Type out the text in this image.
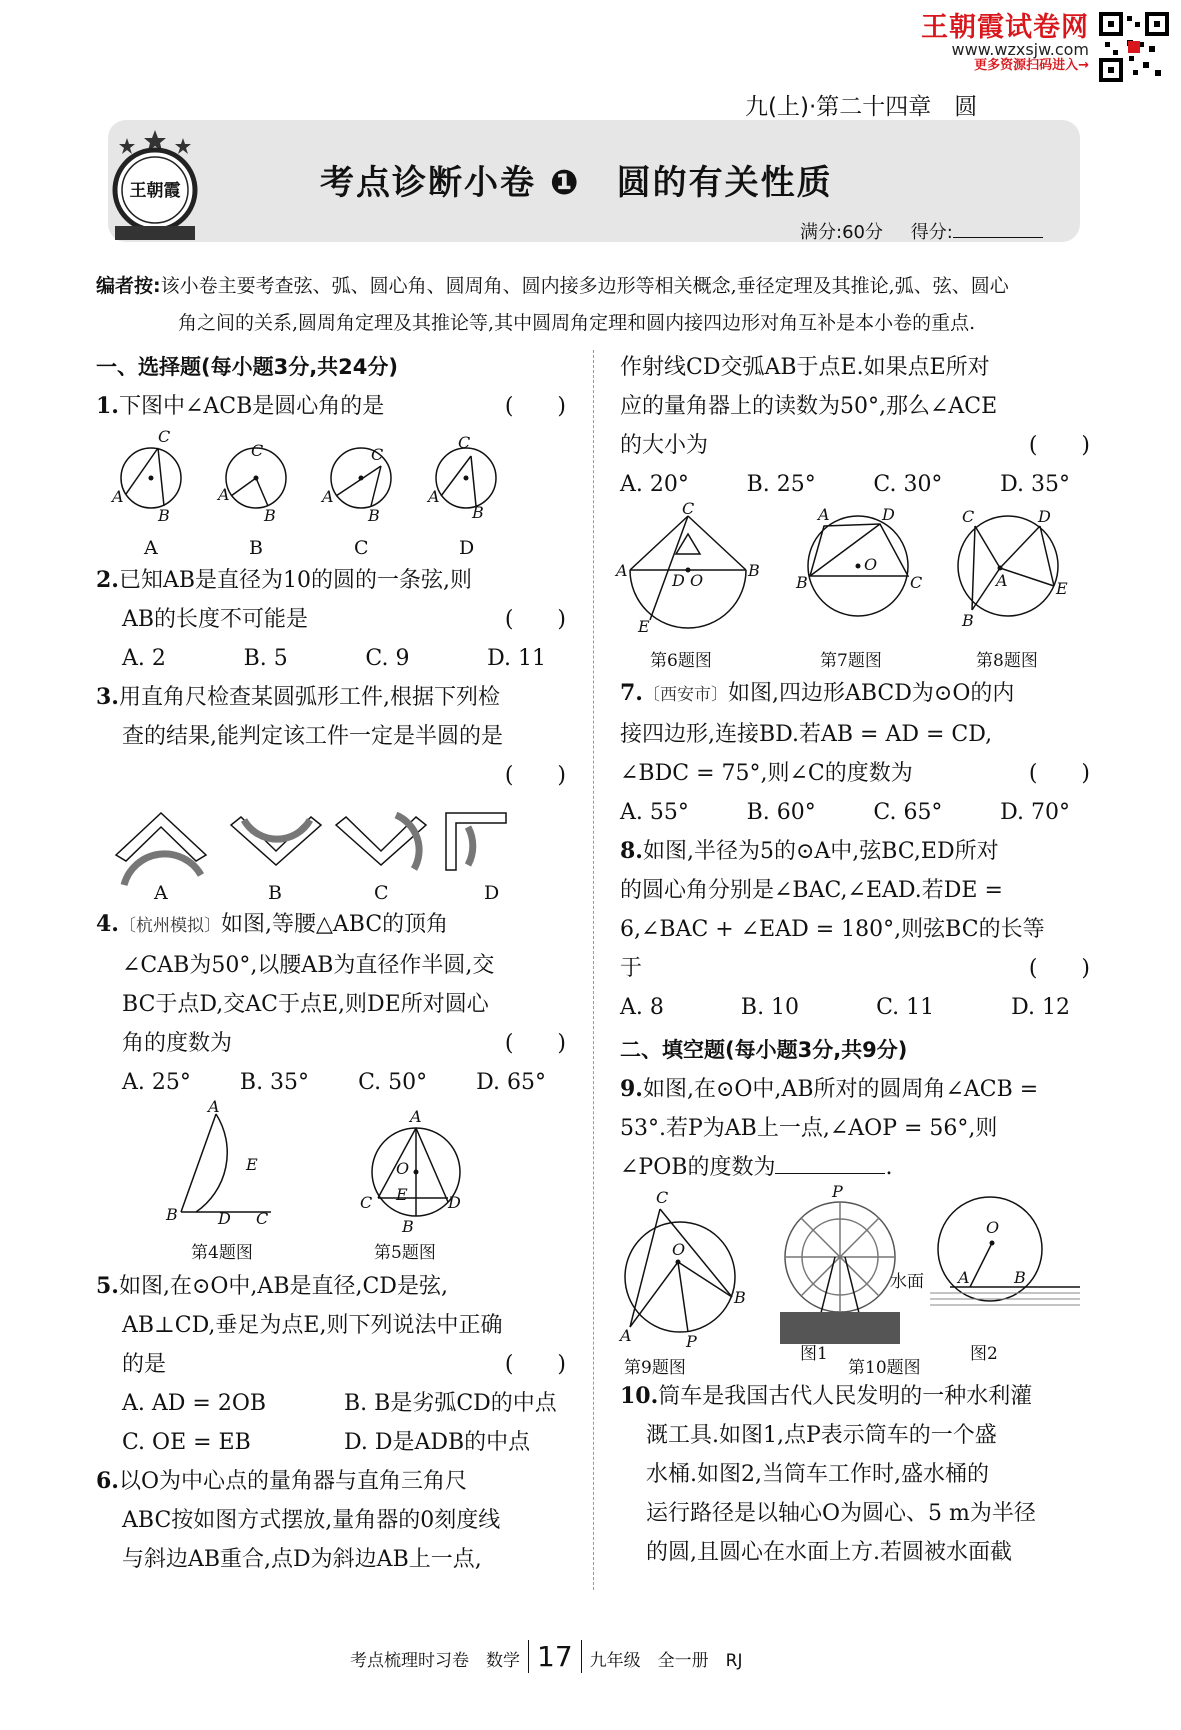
王朝霞试卷网
www.wzxsjw.com
更多资源扫码进入→
九(上)·第二十四章　圆
王朝霞	考点诊断小卷 ❶　圆的有关性质
满分:60分 得分:
编者按:该小卷主要考查弦、弧、圆心角、圆周角、圆内接多边形等相关概念,垂径定理及其推论,弧、弦、圆心
角之间的关系,圆周角定理及其推论等,其中圆周角定理和圆内接四边形对角互补是本小卷的重点.
一、选择题(每小题3分,共24分)
1.下图中∠ACB是圆心角的是	(　　)
C
A
B
C
A
B
C
A
B
C
A
B
A	B	C	D
2.已知AB是直径为10的圆的一条弦,则
AB的长度不可能是	(　　)
A. 2	B. 5	C. 9	D. 11
3.用直角尺检查某圆弧形工件,根据下列检
查的结果,能判定该工件一定是半圆的是
(　　)
A	B	C	D
4.〔杭州模拟〕如图,等腰△ABC的顶角
∠CAB为50°,以腰AB为直径作半圆,交
BC于点D,交AC于点E,则DE所对圆心
角的度数为	(　　)
A. 25° B. 35° C. 50° D. 65°
A
E
B	D C
A
O
E
C	D
B
第4题图	第5题图
5.如图,在⊙O中,AB是直径,CD是弦,
AB⊥CD,垂足为点E,则下列说法中正确
的是	(　　)
A. AD = 2OB	B. B是劣弧CD的中点
C. OE = EB	D. D是ADB的中点
6.以O为中心点的量角器与直角三角尺
ABC按如图方式摆放,量角器的0刻度线
与斜边AB重合,点D为斜边AB上一点,
作射线CD交弧AB于点E.如果点E所对
应的量角器上的读数为50°,那么∠ACE
的大小为	(　　)
A. 20°	B. 25°	C. 30°	D. 35°
C
A	B
D O
E
A	D
B	C
O
C	D
A	E
B
第6题图	第7题图	第8题图
7.〔西安市〕如图,四边形ABCD为⊙O的内
接四边形,连接BD.若AB = AD = CD,
∠BDC = 75°,则∠C的度数为	(　　)
A. 55°	B. 60°	C. 65°	D. 70°
8.如图,半径为5的⊙A中,弦BC,ED所对
的圆心角分别是∠BAC,∠EAD.若DE =
6,∠BAC + ∠EAD = 180°,则弦BC的长等
于	(　　)
A. 8	B. 10	C. 11	D. 12
二、填空题(每小题3分,共9分)
9.如图,在⊙O中,AB所对的圆周角∠ACB =
53°.若P为AB上一点,∠AOP = 56°,则
∠POB的度数为	.
C
O
B
A	P
P
O
A	B
水面
图1	图2
第9题图	第10题图
10.筒车是我国古代人民发明的一种水利灌
溉工具.如图1,点P表示筒车的一个盛
水桶.如图2,当筒车工作时,盛水桶的
运行路径是以轴心O为圆心、5 m为半径
的圆,且圆心在水面上方.若圆被水面截
考点梳理时习卷　数学 17 九年级　全一册　RJ
